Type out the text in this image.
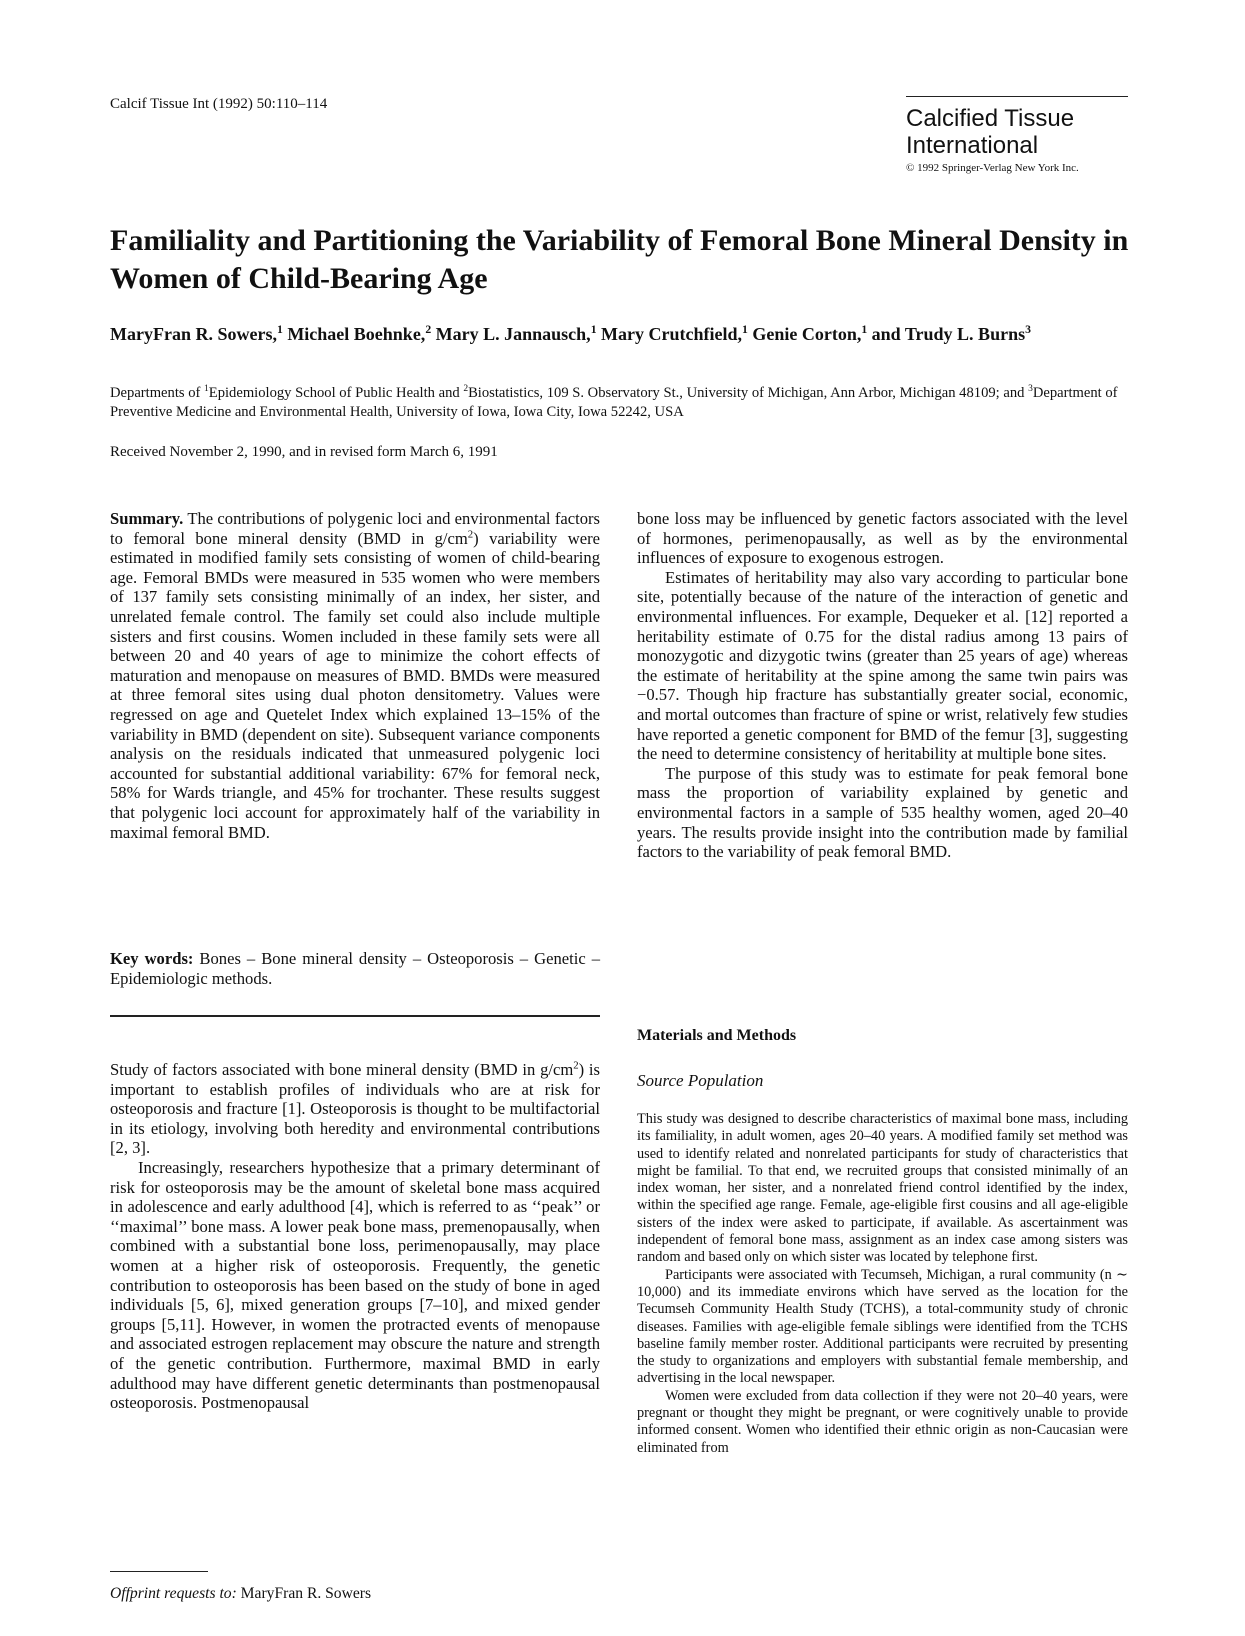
Calcif Tissue Int (1992) 50:110–114
Calcified Tissue
International
© 1992 Springer-Verlag New York Inc.
Familiality and Partitioning the Variability of Femoral Bone Mineral Density in Women of Child-Bearing Age
MaryFran R. Sowers,$^1$ Michael Boehnke,$^2$ Mary L. Jannausch,$^1$ Mary Crutchfield,$^1$ Genie Corton,$^1$ and Trudy L. Burns$^3$
Departments of $^1$Epidemiology School of Public Health and $^2$Biostatistics, 109 S. Observatory St., University of Michigan, Ann Arbor, Michigan 48109; and $^3$Department of Preventive Medicine and Environmental Health, University of Iowa, Iowa City, Iowa 52242, USA
Received November 2, 1990, and in revised form March 6, 1991

Summary. The contributions of polygenic loci and environmental factors to femoral bone mineral density (BMD in $g/cm^2$) variability were estimated in modified family sets consisting of women of child-bearing age. Femoral BMDs were measured in 535 women who were members of 137 family sets consisting minimally of an index, her sister, and unrelated female control. The family set could also include multiple sisters and first cousins. Women included in these family sets were all between 20 and 40 years of age to minimize the cohort effects of maturation and menopause on measures of BMD. BMDs were measured at three femoral sites using dual photon densitometry. Values were regressed on age and Quetelet Index which explained 13–15% of the variability in BMD (dependent on site). Subsequent variance components analysis on the residuals indicated that unmeasured polygenic loci accounted for substantial additional variability: 67% for femoral neck, 58% for Wards triangle, and 45% for trochanter. These results suggest that polygenic loci account for approximately half of the variability in maximal femoral BMD.

Key words: Bones – Bone mineral density – Osteoporosis – Genetic – Epidemiologic methods.

Study of factors associated with bone mineral density (BMD in $g/cm^2$) is important to establish profiles of individuals who are at risk for osteoporosis and fracture [1]. Osteoporosis is thought to be multifactorial in its etiology, involving both heredity and environmental contributions [2, 3].

Increasingly, researchers hypothesize that a primary determinant of risk for osteoporosis may be the amount of skeletal bone mass acquired in adolescence and early adulthood [4], which is referred to as ‘‘peak’’ or ‘‘maximal’’ bone mass. A lower peak bone mass, premenopausally, when combined with a substantial bone loss, perimenopausally, may place women at a higher risk of osteoporosis. Frequently, the genetic contribution to osteoporosis has been based on the study of bone in aged individuals [5, 6], mixed generation groups [7–10], and mixed gender groups [5,11]. However, in women the protracted events of menopause and associated estrogen replacement may obscure the nature and strength of the genetic contribution. Furthermore, maximal BMD in early adulthood may have different genetic determinants than postmenopausal osteoporosis. Postmenopausal

bone loss may be influenced by genetic factors associated with the level of hormones, perimenopausally, as well as by the environmental influences of exposure to exogenous estrogen.

Estimates of heritability may also vary according to particular bone site, potentially because of the nature of the interaction of genetic and environmental influences. For example, Dequeker et al. [12] reported a heritability estimate of 0.75 for the distal radius among 13 pairs of monozygotic and dizygotic twins (greater than 25 years of age) whereas the estimate of heritability at the spine among the same twin pairs was −0.57. Though hip fracture has substantially greater social, economic, and mortal outcomes than fracture of spine or wrist, relatively few studies have reported a genetic component for BMD of the femur [3], suggesting the need to determine consistency of heritability at multiple bone sites.

The purpose of this study was to estimate for peak femoral bone mass the proportion of variability explained by genetic and environmental factors in a sample of 535 healthy women, aged 20–40 years. The results provide insight into the contribution made by familial factors to the variability of peak femoral BMD.

Materials and Methods
Source Population

This study was designed to describe characteristics of maximal bone mass, including its familiality, in adult women, ages 20–40 years. A modified family set method was used to identify related and nonrelated participants for study of characteristics that might be familial. To that end, we recruited groups that consisted minimally of an index woman, her sister, and a nonrelated friend control identified by the index, within the specified age range. Female, age-eligible first cousins and all age-eligible sisters of the index were asked to participate, if available. As ascertainment was independent of femoral bone mass, assignment as an index case among sisters was random and based only on which sister was located by telephone first.

Participants were associated with Tecumseh, Michigan, a rural community (n ∼ 10,000) and its immediate environs which have served as the location for the Tecumseh Community Health Study (TCHS), a total-community study of chronic diseases. Families with age-eligible female siblings were identified from the TCHS baseline family member roster. Additional participants were recruited by presenting the study to organizations and employers with substantial female membership, and advertising in the local newspaper.

Women were excluded from data collection if they were not 20–40 years, were pregnant or thought they might be pregnant, or were cognitively unable to provide informed consent. Women who identified their ethnic origin as non-Caucasian were eliminated from

Offprint requests to: MaryFran R. Sowers
